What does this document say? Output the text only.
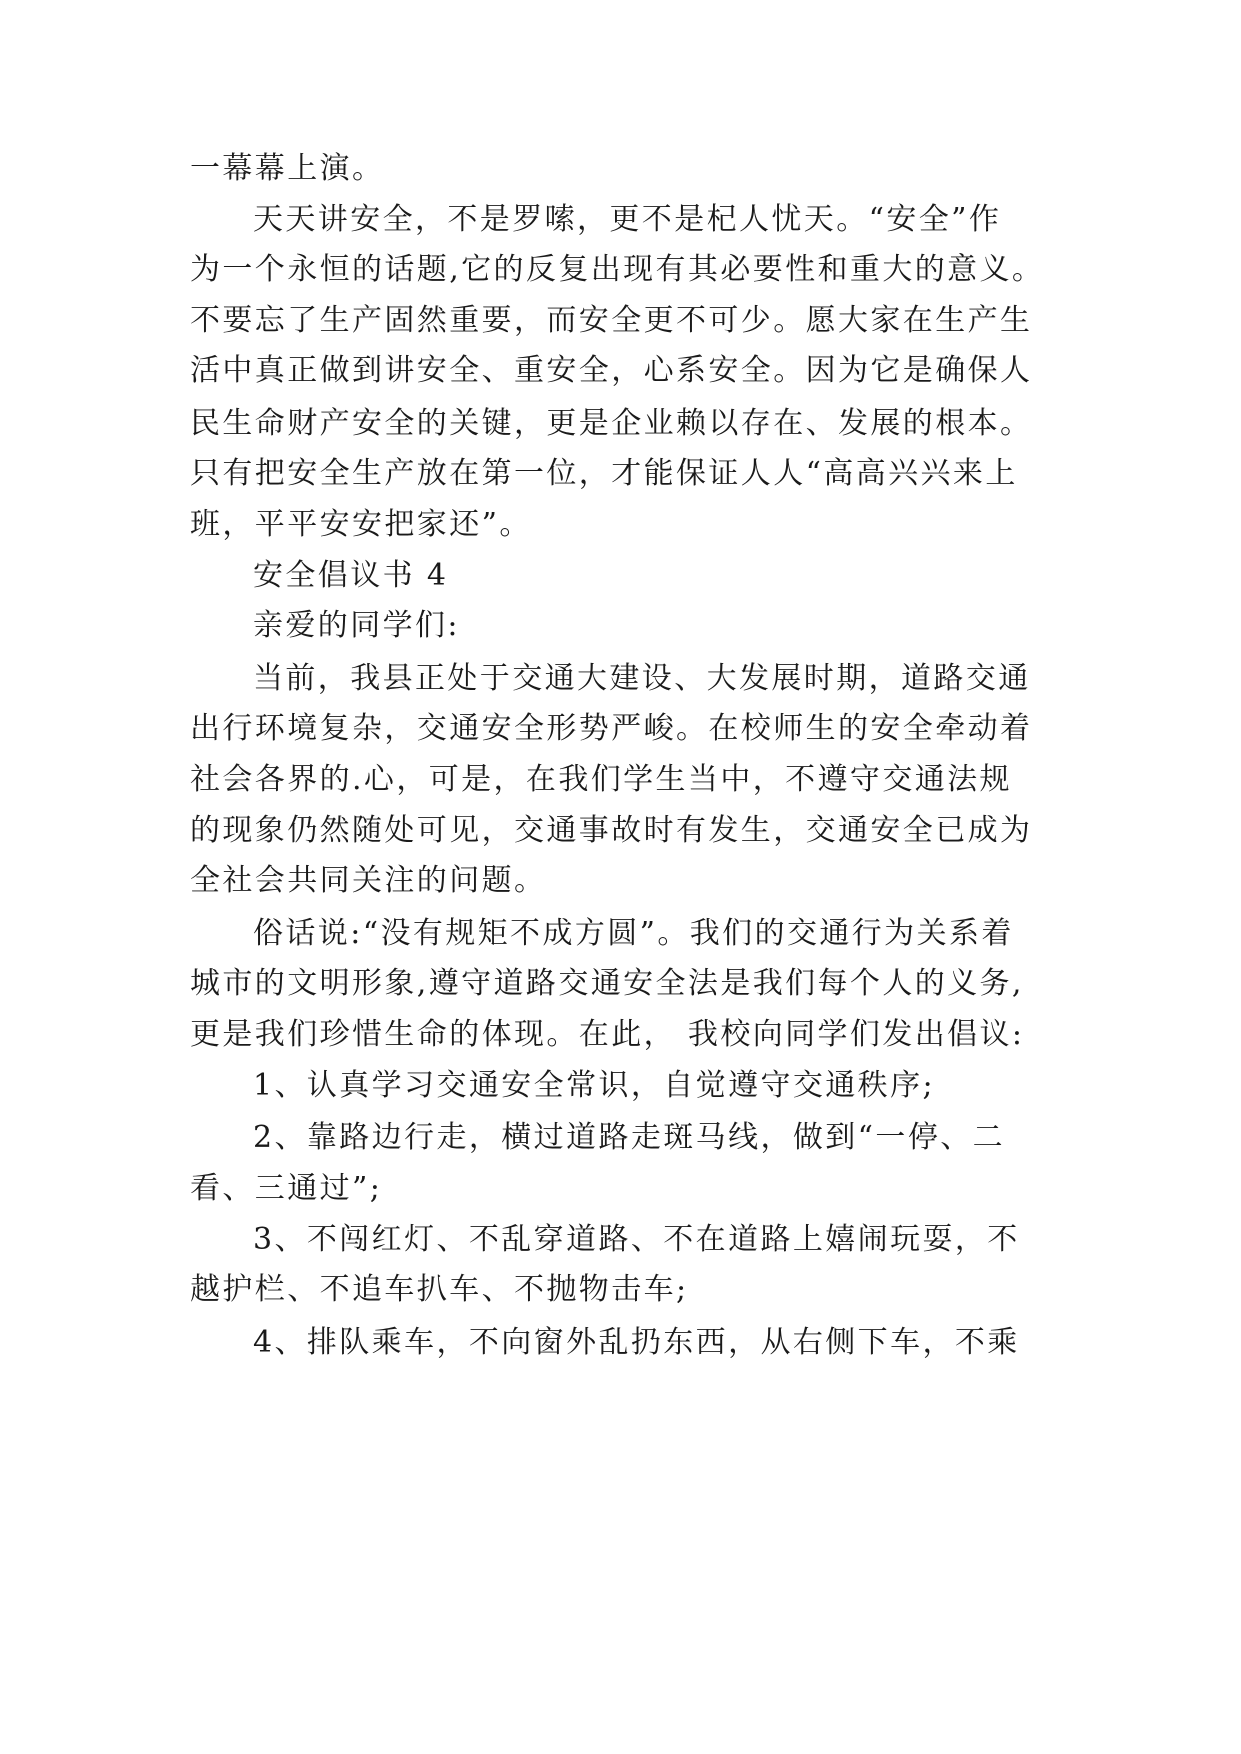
一幕幕上演。
天天讲安全，不是罗嗦，更不是杞人忧天。“安全”作
为一个永恒的话题,它的反复出现有其必要性和重大的意义。
不要忘了生产固然重要，而安全更不可少。愿大家在生产生
活中真正做到讲安全、重安全，心系安全。因为它是确保人
民生命财产安全的关键，更是企业赖以存在、发展的根本。
只有把安全生产放在第一位，才能保证人人“高高兴兴来上
班，平平安安把家还”。
安全倡议书 4
亲爱的同学们:
当前，我县正处于交通大建设、大发展时期，道路交通
出行环境复杂，交通安全形势严峻。在校师生的安全牵动着
社会各界的.心，可是，在我们学生当中，不遵守交通法规
的现象仍然随处可见，交通事故时有发生，交通安全已成为
全社会共同关注的问题。
俗话说:“没有规矩不成方圆”。我们的交通行为关系着
城市的文明形象,遵守道路交通安全法是我们每个人的义务,
更是我们珍惜生命的体现。在此， 我校向同学们发出倡议:
1、认真学习交通安全常识，自觉遵守交通秩序;
2、靠路边行走，横过道路走斑马线，做到“一停、二
看、三通过”;
3、不闯红灯、不乱穿道路、不在道路上嬉闹玩耍，不
越护栏、不追车扒车、不抛物击车;
4、排队乘车，不向窗外乱扔东西，从右侧下车，不乘
